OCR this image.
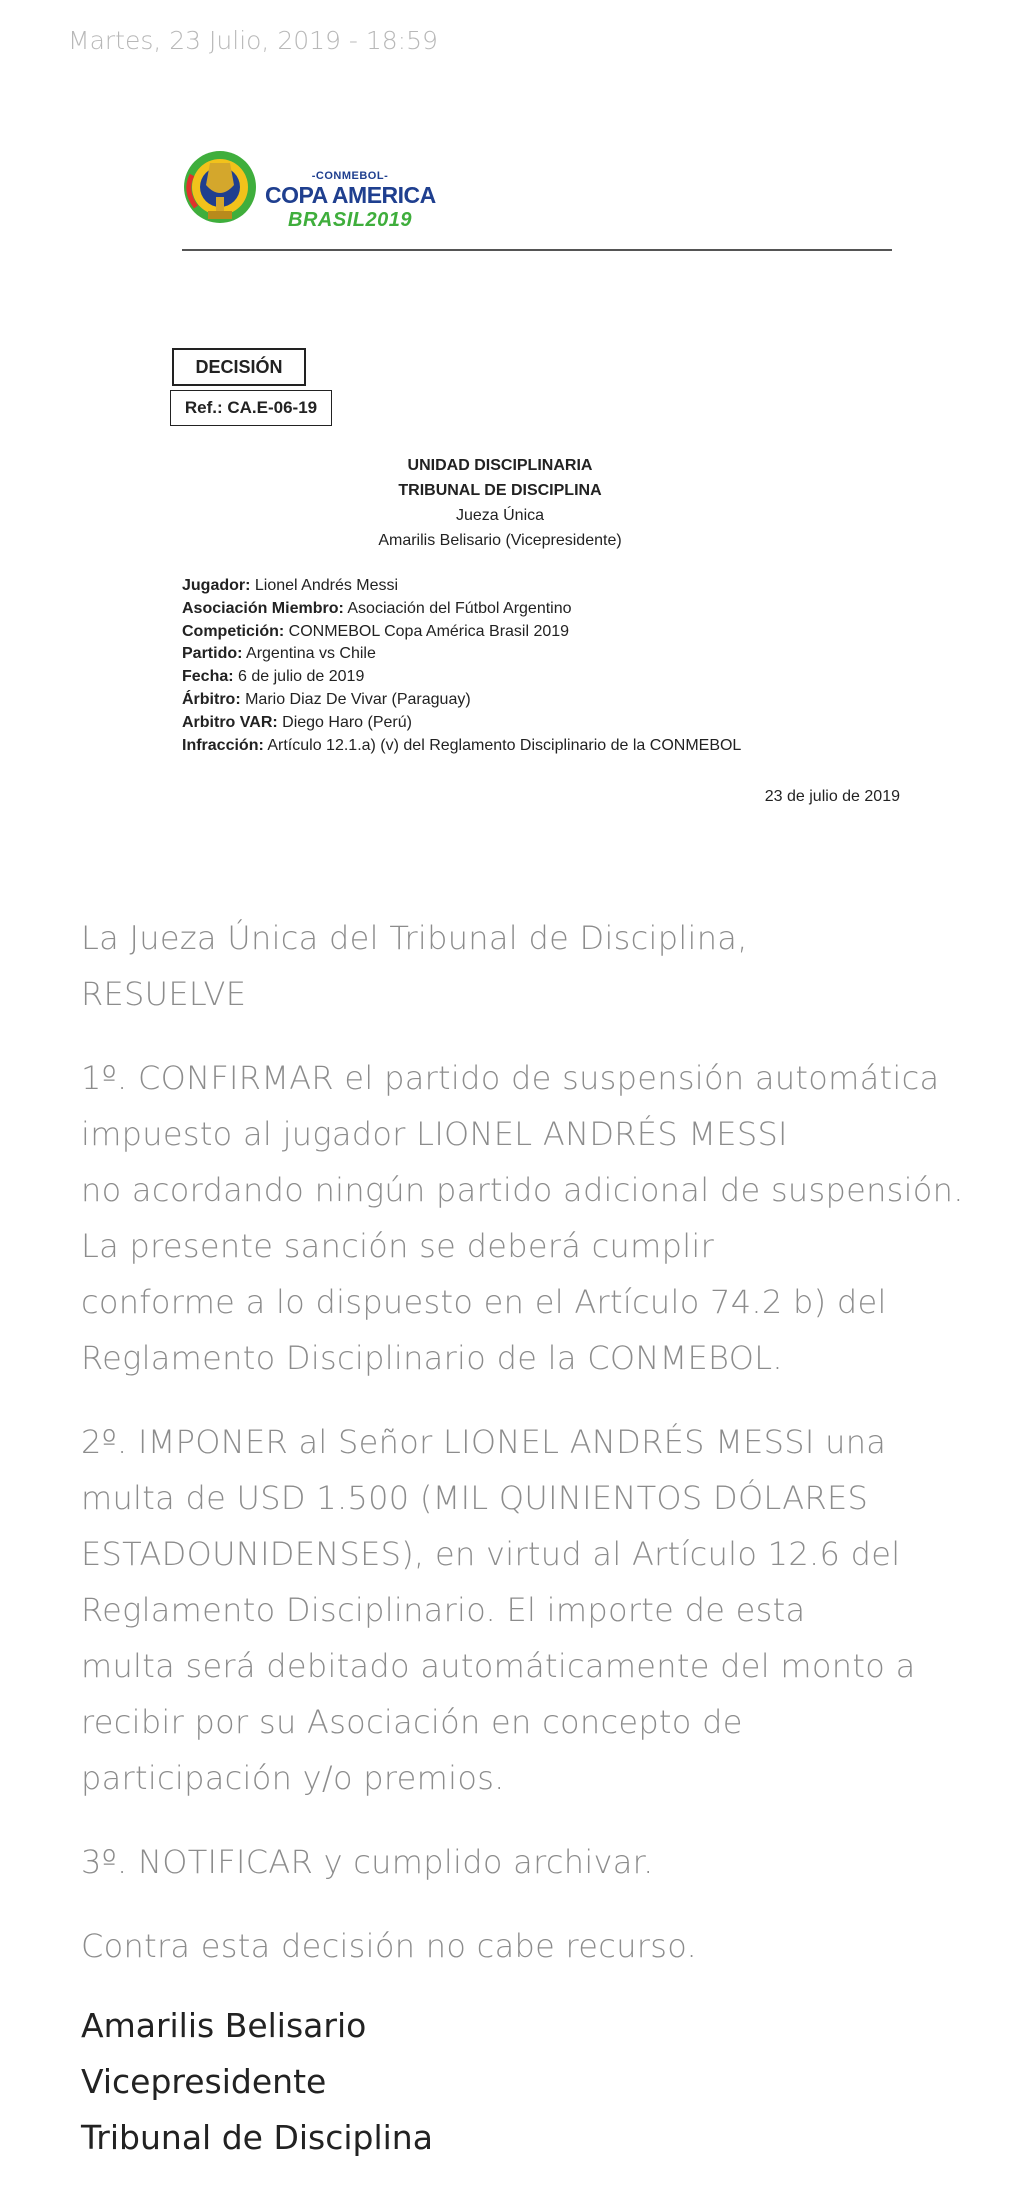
Martes, 23 Julio, 2019 - 18:59
-CONMEBOL-
COPA AMERICA
BRASIL2019
DECISIÓN
Ref.: CA.E-06-19
UNIDAD DISCIPLINARIA
TRIBUNAL DE DISCIPLINA
Jueza Única
Amarilis Belisario (Vicepresidente)
Jugador: Lionel Andrés Messi
Asociación Miembro: Asociación del Fútbol Argentino
Competición: CONMEBOL Copa América Brasil 2019
Partido: Argentina vs Chile
Fecha: 6 de julio de 2019
Árbitro: Mario Diaz De Vivar (Paraguay)
Arbitro VAR: Diego Haro (Perú)
Infracción: Artículo 12.1.a) (v) del Reglamento Disciplinario de la CONMEBOL
23 de julio de 2019

La Jueza Única del Tribunal de Disciplina,

RESUELVE

1º. CONFIRMAR el partido de suspensión automática

impuesto al jugador LIONEL ANDRÉS MESSI

no acordando ningún partido adicional de suspensión.

La presente sanción se deberá cumplir

conforme a lo dispuesto en el Artículo 74.2 b) del

Reglamento Disciplinario de la CONMEBOL.

2º. IMPONER al Señor LIONEL ANDRÉS MESSI una

multa de USD 1.500 (MIL QUINIENTOS DÓLARES

ESTADOUNIDENSES), en virtud al Artículo 12.6 del

Reglamento Disciplinario. El importe de esta

multa será debitado automáticamente del monto a

recibir por su Asociación en concepto de

participación y/o premios.

3º. NOTIFICAR y cumplido archivar.

Contra esta decisión no cabe recurso.

Amarilis Belisario
Vicepresidente
Tribunal de Disciplina
